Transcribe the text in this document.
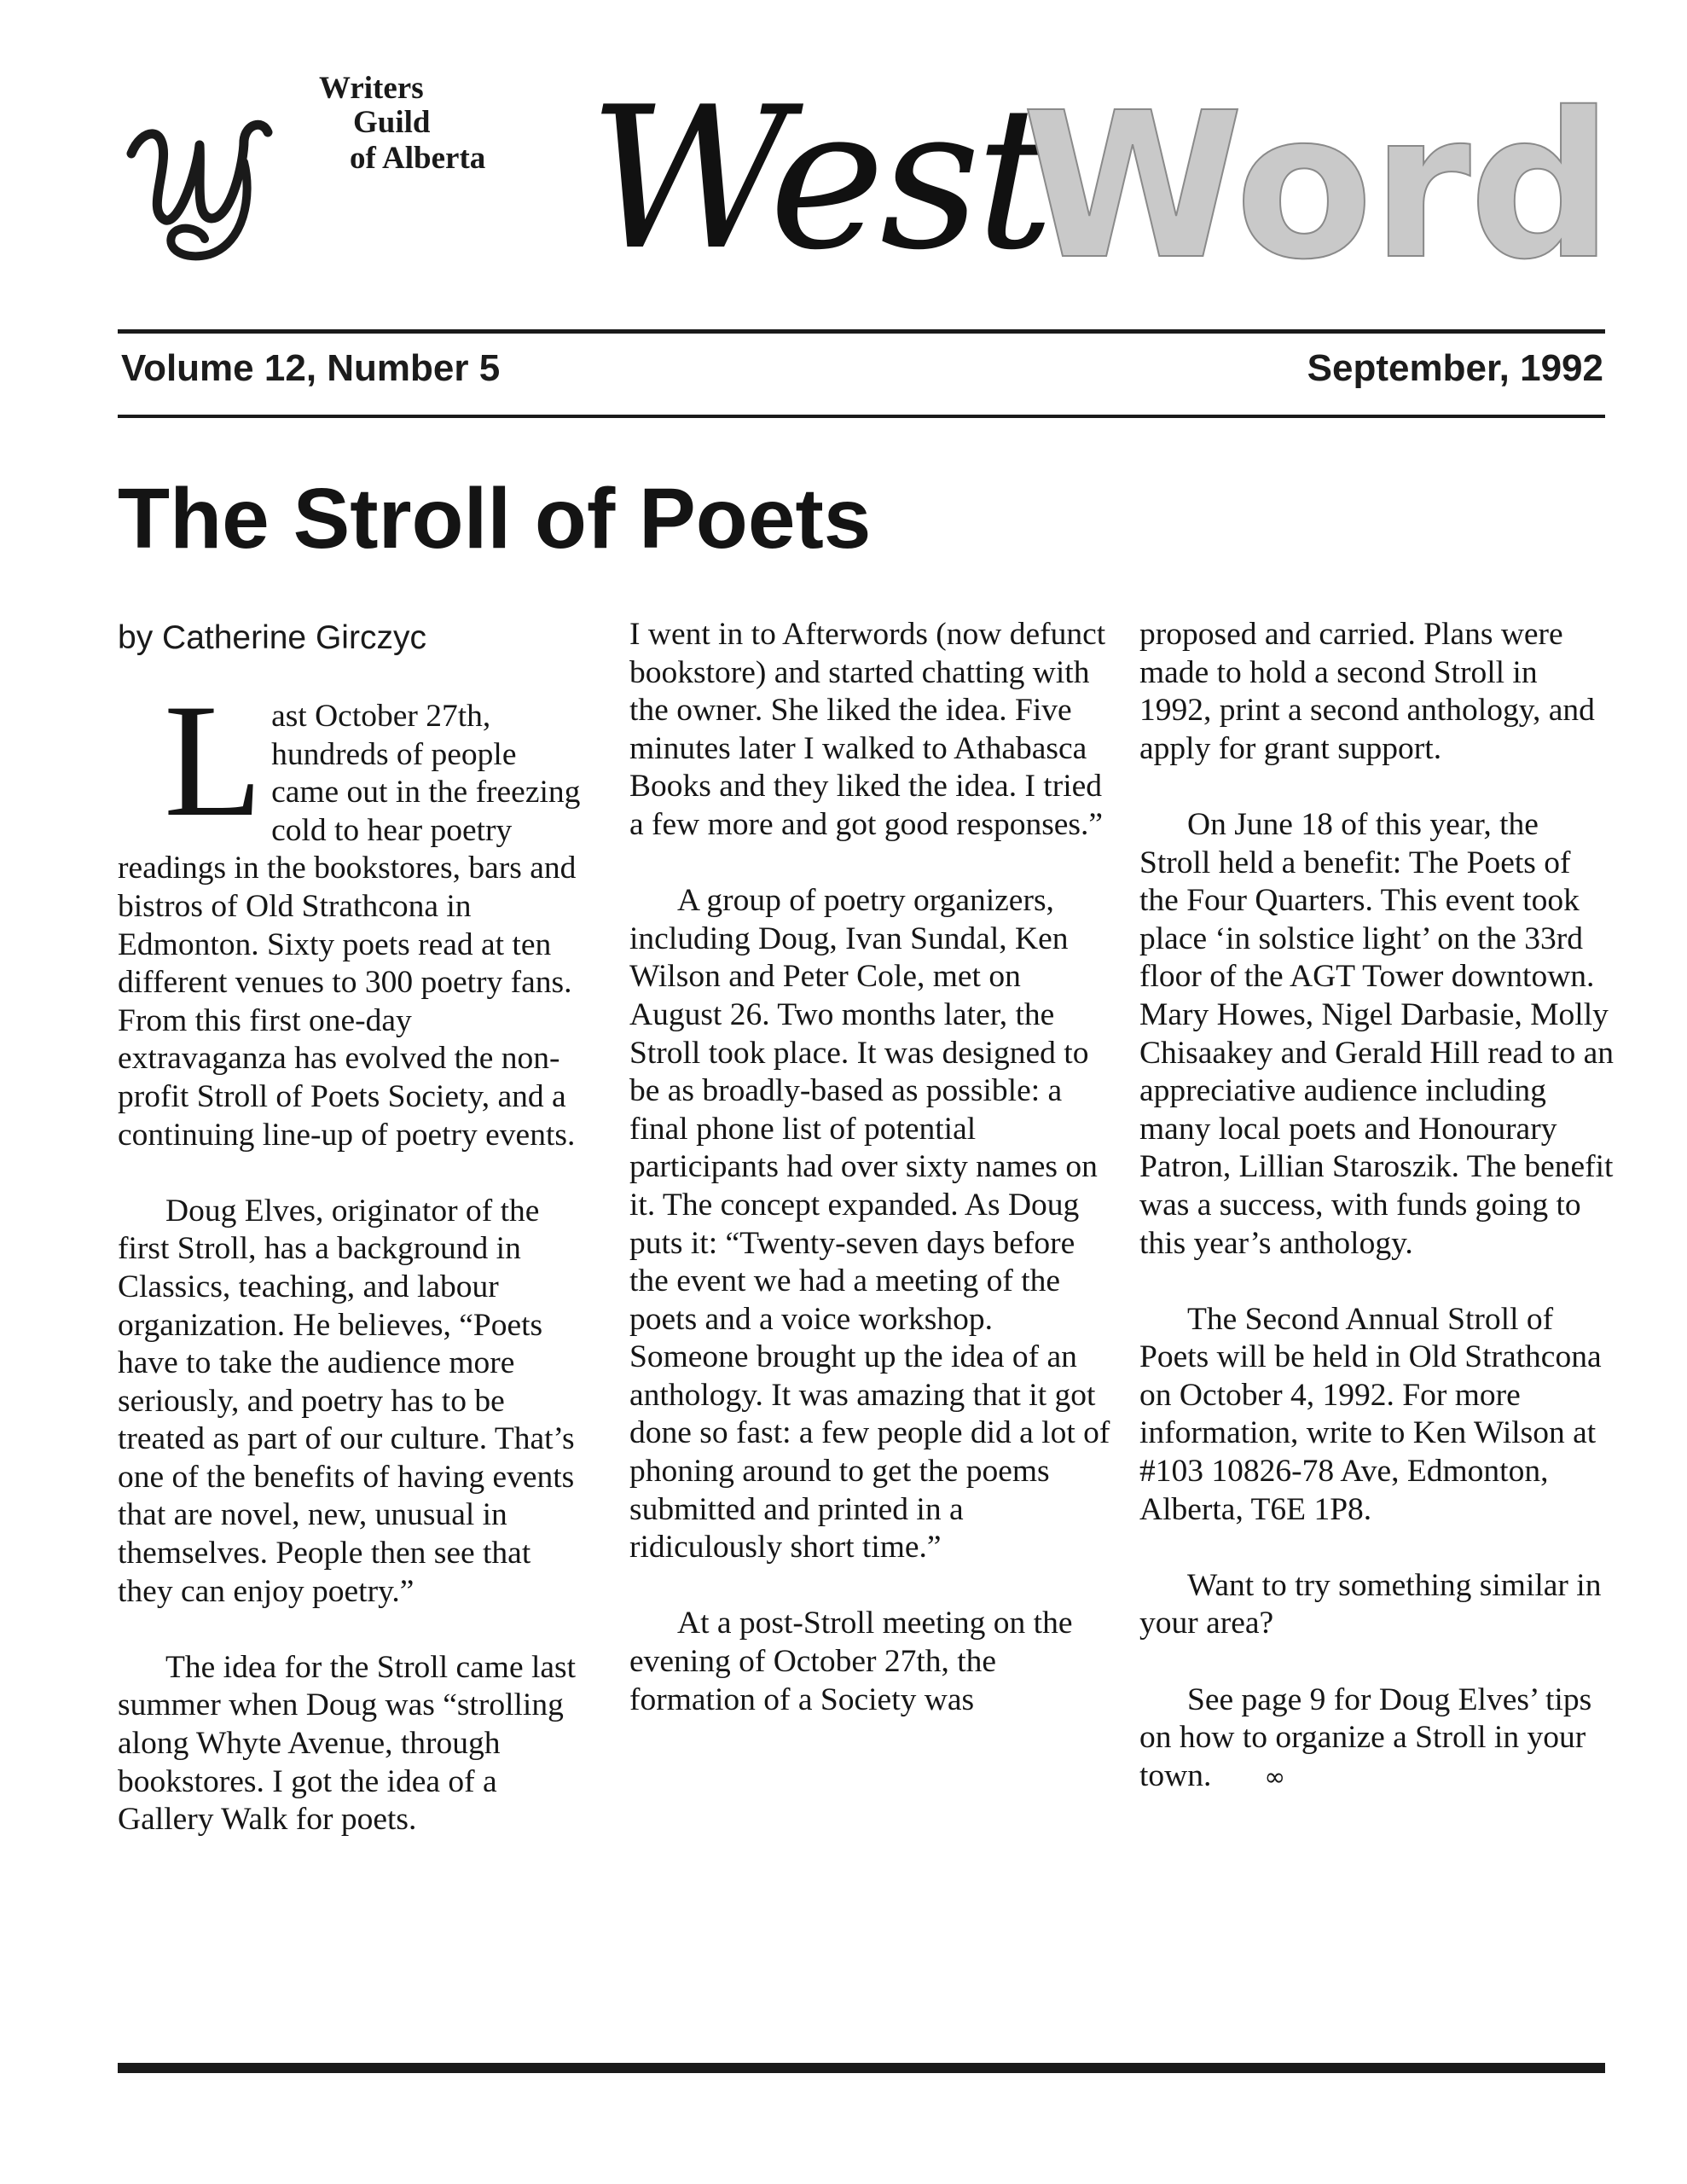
Writers
Guild
of Alberta West
Word
Volume 12, Number 5	September, 1992
The Stroll of Poets
by Catherine Girczyc

Last October 27th, hundreds of people came out in the freezing cold to hear poetry readings in the bookstores, bars and bistros of Old Strathcona in Edmonton. Sixty poets read at ten different venues to 300 poetry fans. From this first one-day extravaganza has evolved the non-profit Stroll of Poets Society, and a continuing line-up of poetry events.

Doug Elves, originator of the first Stroll, has a background in Classics, teaching, and labour organization. He believes, “Poets have to take the audience more seriously, and poetry has to be treated as part of our culture. That’s one of the benefits of having events that are novel, new, unusual in themselves. People then see that they can enjoy poetry.”

The idea for the Stroll came last summer when Doug was “strolling along Whyte Avenue, through bookstores. I got the idea of a Gallery Walk for poets.

I went in to Afterwords (now defunct bookstore) and started chatting with the owner. She liked the idea. Five minutes later I walked to Athabasca Books and they liked the idea. I tried a few more and got good responses.”

A group of poetry organizers, including Doug, Ivan Sundal, Ken Wilson and Peter Cole, met on August 26. Two months later, the Stroll took place. It was designed to be as broadly-based as possible: a final phone list of potential participants had over sixty names on it. The concept expanded. As Doug puts it: “Twenty-seven days before the event we had a meeting of the poets and a voice workshop. Someone brought up the idea of an anthology. It was amazing that it got done so fast: a few people did a lot of phoning around to get the poems submitted and printed in a ridiculously short time.”

At a post-Stroll meeting on the evening of October 27th, the formation of a Society was

proposed and carried. Plans were made to hold a second Stroll in 1992, print a second anthology, and apply for grant support.

On June 18 of this year, the Stroll held a benefit: The Poets of the Four Quarters. This event took place ‘in solstice light’ on the 33rd floor of the AGT Tower downtown. Mary Howes, Nigel Darbasie, Molly Chisaakey and Gerald Hill read to an appreciative audience including many local poets and Honourary Patron, Lillian Staroszik. The benefit was a success, with funds going to this year’s anthology.

The Second Annual Stroll of Poets will be held in Old Strathcona on October 4, 1992. For more information, write to Ken Wilson at #103 10826-78 Ave, Edmonton, Alberta, T6E 1P8.

Want to try something similar in your area?

See page 9 for Doug Elves’ tips on how to organize a Stroll in your town. ∞
